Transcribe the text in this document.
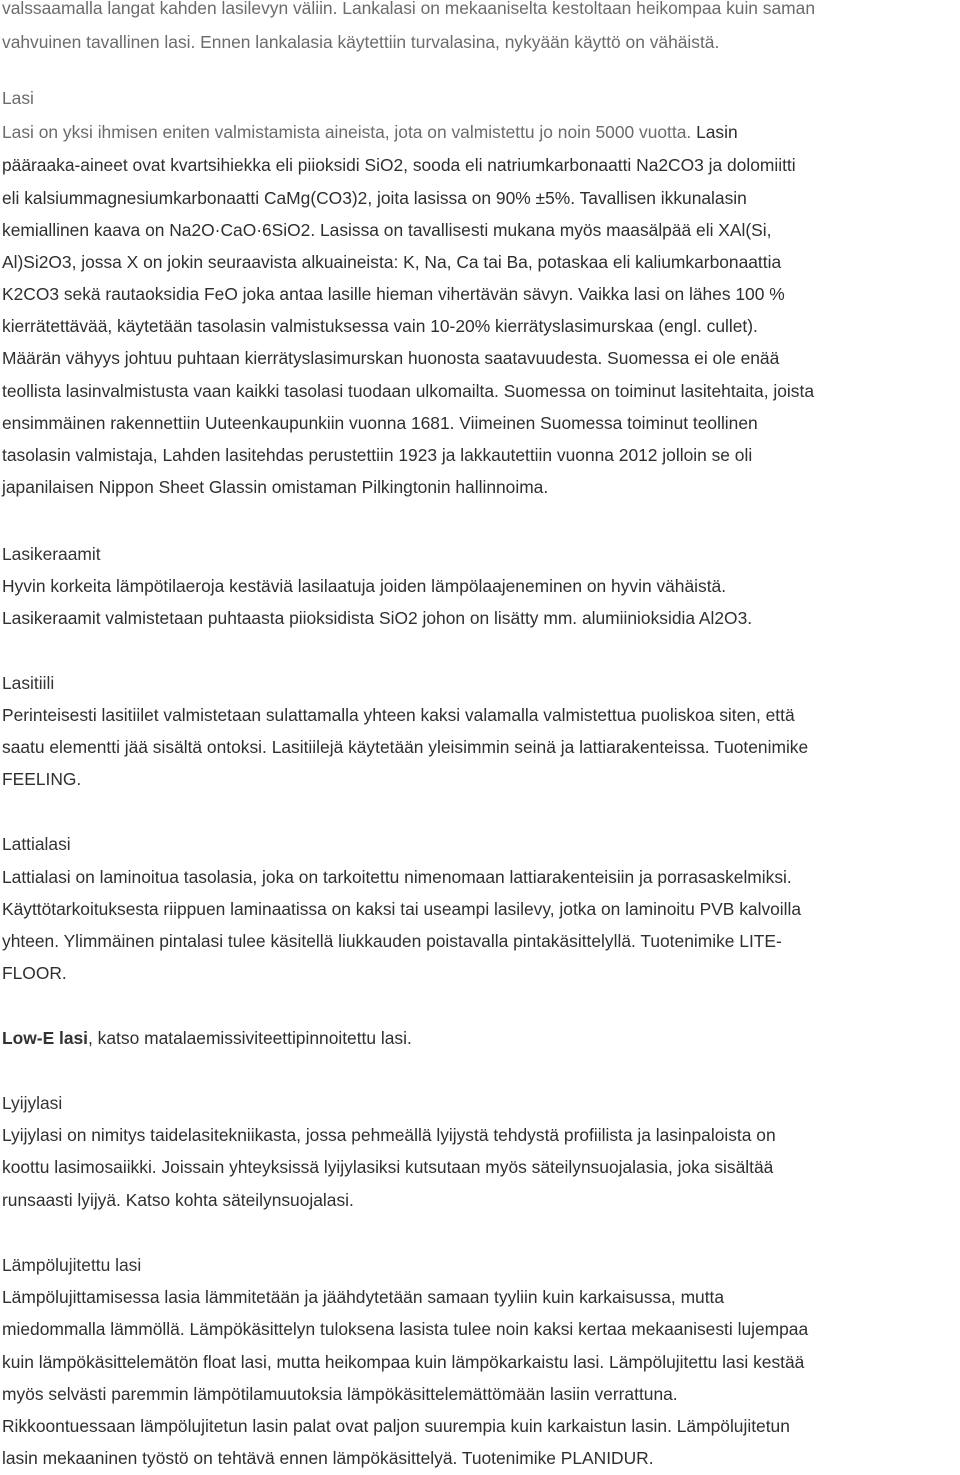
valssaamalla langat kahden lasilevyn väliin. Lankalasi on mekaaniselta kestoltaan heikompaa kuin saman
vahvuinen tavallinen lasi. Ennen lankalasia käytettiin turvalasina, nykyään käyttö on vähäistä.
Lasi
Lasi on yksi ihmisen eniten valmistamista aineista, jota on valmistettu jo noin 5000 vuotta. Lasin
pääraaka-aineet ovat kvartsihiekka eli piioksidi SiO2, sooda eli natriumkarbonaatti Na2CO3 ja dolomiitti
eli kalsiummagnesiumkarbonaatti CaMg(CO3)2, joita lasissa on 90% ±5%. Tavallisen ikkunalasin
kemiallinen kaava on Na2O·CaO·6SiO2. Lasissa on tavallisesti mukana myös maasälpää eli XAl(Si,
Al)Si2O3, jossa X on jokin seuraavista alkuaineista: K, Na, Ca tai Ba, potaskaa eli kaliumkarbonaattia
K2CO3 sekä rautaoksidia FeO joka antaa lasille hieman vihertävän sävyn. Vaikka lasi on lähes 100 %
kierrätettävää, käytetään tasolasin valmistuksessa vain 10-20% kierrätyslasimurskaa (engl. cullet).
Määrän vähyys johtuu puhtaan kierrätyslasimurskan huonosta saatavuudesta. Suomessa ei ole enää
teollista lasinvalmistusta vaan kaikki tasolasi tuodaan ulkomailta. Suomessa on toiminut lasitehtaita, joista
ensimmäinen rakennettiin Uuteenkaupunkiin vuonna 1681. Viimeinen Suomessa toiminut teollinen
tasolasin valmistaja, Lahden lasitehdas perustettiin 1923 ja lakkautettiin vuonna 2012 jolloin se oli
japanilaisen Nippon Sheet Glassin omistaman Pilkingtonin hallinnoima.
Lasikeraamit
Hyvin korkeita lämpötilaeroja kestäviä lasilaatuja joiden lämpölaajeneminen on hyvin vähäistä.
Lasikeraamit valmistetaan puhtaasta piioksidista SiO2 johon on lisätty mm. alumiinioksidia Al2O3.
Lasitiili
Perinteisesti lasitiilet valmistetaan sulattamalla yhteen kaksi valamalla valmistettua puoliskoa siten, että
saatu elementti jää sisältä ontoksi. Lasitiilejä käytetään yleisimmin seinä ja lattiarakenteissa. Tuotenimike
FEELING.
Lattialasi
Lattialasi on laminoitua tasolasia, joka on tarkoitettu nimenomaan lattiarakenteisiin ja porrasaskelmiksi.
Käyttötarkoituksesta riippuen laminaatissa on kaksi tai useampi lasilevy, jotka on laminoitu PVB kalvoilla
yhteen. Ylimmäinen pintalasi tulee käsitellä liukkauden poistavalla pintakäsittelyllä. Tuotenimike LITE-
FLOOR.
Low-E lasi, katso matalaemissiviteettipinnoitettu lasi.
Lyijylasi
Lyijylasi on nimitys taidelasitekniikasta, jossa pehmeällä lyijystä tehdystä profiilista ja lasinpaloista on
koottu lasimosaiikki. Joissain yhteyksissä lyijylasiksi kutsutaan myös säteilynsuojalasia, joka sisältää
runsaasti lyijyä. Katso kohta säteilynsuojalasi.
Lämpölujitettu lasi
Lämpölujittamisessa lasia lämmitetään ja jäähdytetään samaan tyyliin kuin karkaisussa, mutta
miedommalla lämmöllä. Lämpökäsittelyn tuloksena lasista tulee noin kaksi kertaa mekaanisesti lujempaa
kuin lämpökäsittelemätön float lasi, mutta heikompaa kuin lämpökarkaistu lasi. Lämpölujitettu lasi kestää
myös selvästi paremmin lämpötilamuutoksia lämpökäsittelemättömään lasiin verrattuna.
Rikkoontuessaan lämpölujitetun lasin palat ovat paljon suurempia kuin karkaistun lasin. Lämpölujitetun
lasin mekaaninen työstö on tehtävä ennen lämpökäsittelyä. Tuotenimike PLANIDUR.
